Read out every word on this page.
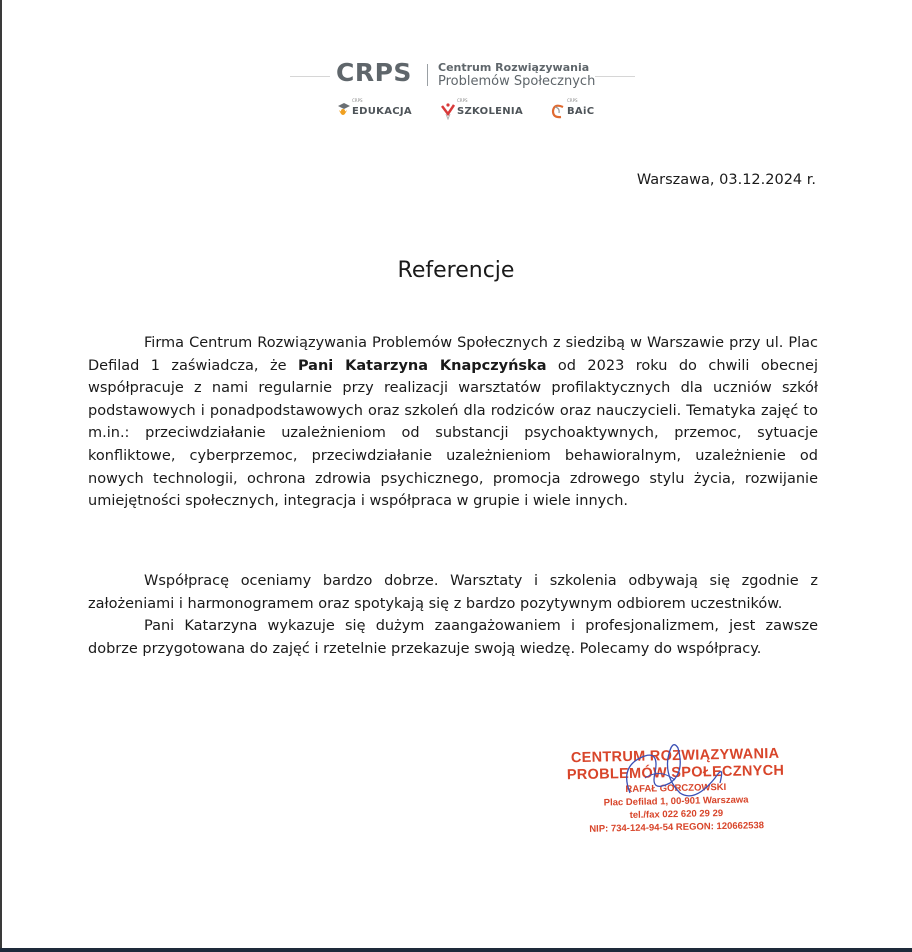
CRPS Centrum Rozwiązywania
Problemów Społecznych
CRPS
EDUKACJA
CRPS
SZKOLENIA
CRPS
BAiC
Warszawa, 03.12.2024 r.
Referencje

Firma Centrum Rozwiązywania Problemów Społecznych z siedzibą w Warszawie przy ul. Plac Defilad 1 zaświadcza, że Pani Katarzyna Knapczyńska od 2023 roku do chwili obecnej współpracuje z nami regularnie przy realizacji warsztatów profilaktycznych dla uczniów szkół podstawowych i ponadpodstawowych oraz szkoleń dla rodziców oraz nauczycieli. Tematyka zajęć to m.in.: przeciwdziałanie uzależnieniom od substancji psychoaktywnych, przemoc, sytuacje konfliktowe, cyberprzemoc, przeciwdziałanie uzależnieniom behawioralnym, uzależnienie od nowych technologii, ochrona zdrowia psychicznego, promocja zdrowego stylu życia, rozwijanie umiejętności społecznych, integracja i współpraca w grupie i wiele innych.

Współpracę oceniamy bardzo dobrze. Warsztaty i szkolenia odbywają się zgodnie z założeniami i harmonogramem oraz spotykają się z bardzo pozytywnym odbiorem uczestników.

Pani Katarzyna wykazuje się dużym zaangażowaniem i profesjonalizmem, jest zawsze dobrze przygotowana do zajęć i rzetelnie przekazuje swoją wiedzę. Polecamy do współpracy.

CENTRUM ROZWIĄZYWANIA
PROBLEMÓW SPOŁECZNYCH
RAFAŁ GORCZOWSKI
Plac Defilad 1, 00-901 Warszawa
tel./fax 022 620 29 29
NIP: 734-124-94-54 REGON: 120662538
